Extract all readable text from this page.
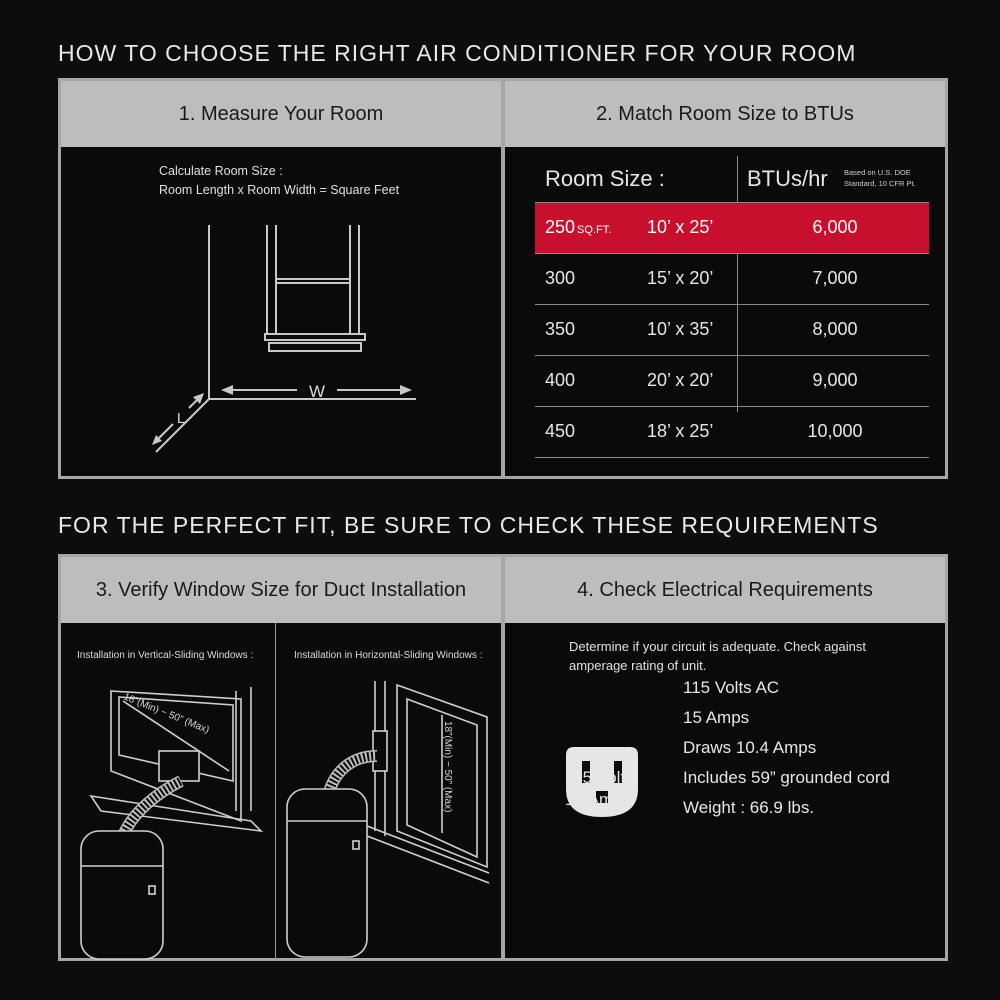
HOW TO CHOOSE THE RIGHT AIR CONDITIONER FOR YOUR ROOM
1. Measure Your Room
Calculate Room Size :
Room Length x Room Width = Square Feet
W
L
2. Match Room Size to BTUs
Room Size :	BTUs/hr Based on U.S. DOE
Standard, 10 CFR Pt.
250 SQ.FT. 10’ x 25’	6,000
300	15’ x 20’	7,000
350	10’ x 35’	8,000
400	20’ x 20’	9,000
450	18’ x 25’	10,000
FOR THE PERFECT FIT, BE SURE TO CHECK THESE REQUIREMENTS
3. Verify Window Size for Duct Installation
Installation in Vertical-Sliding Windows :	Installation in Horizontal-Sliding Windows :
18”(Min) ~ 50” (Max)
18”(Min) ~ 50” (Max)
4. Check Electrical Requirements
Determine if your circuit is adequate. Check against
amperage rating of unit.
115 Volt
15 Amp
115 Volts AC
15 Amps
Draws 10.4 Amps
Includes 59” grounded cord
Weight : 66.9 lbs.
